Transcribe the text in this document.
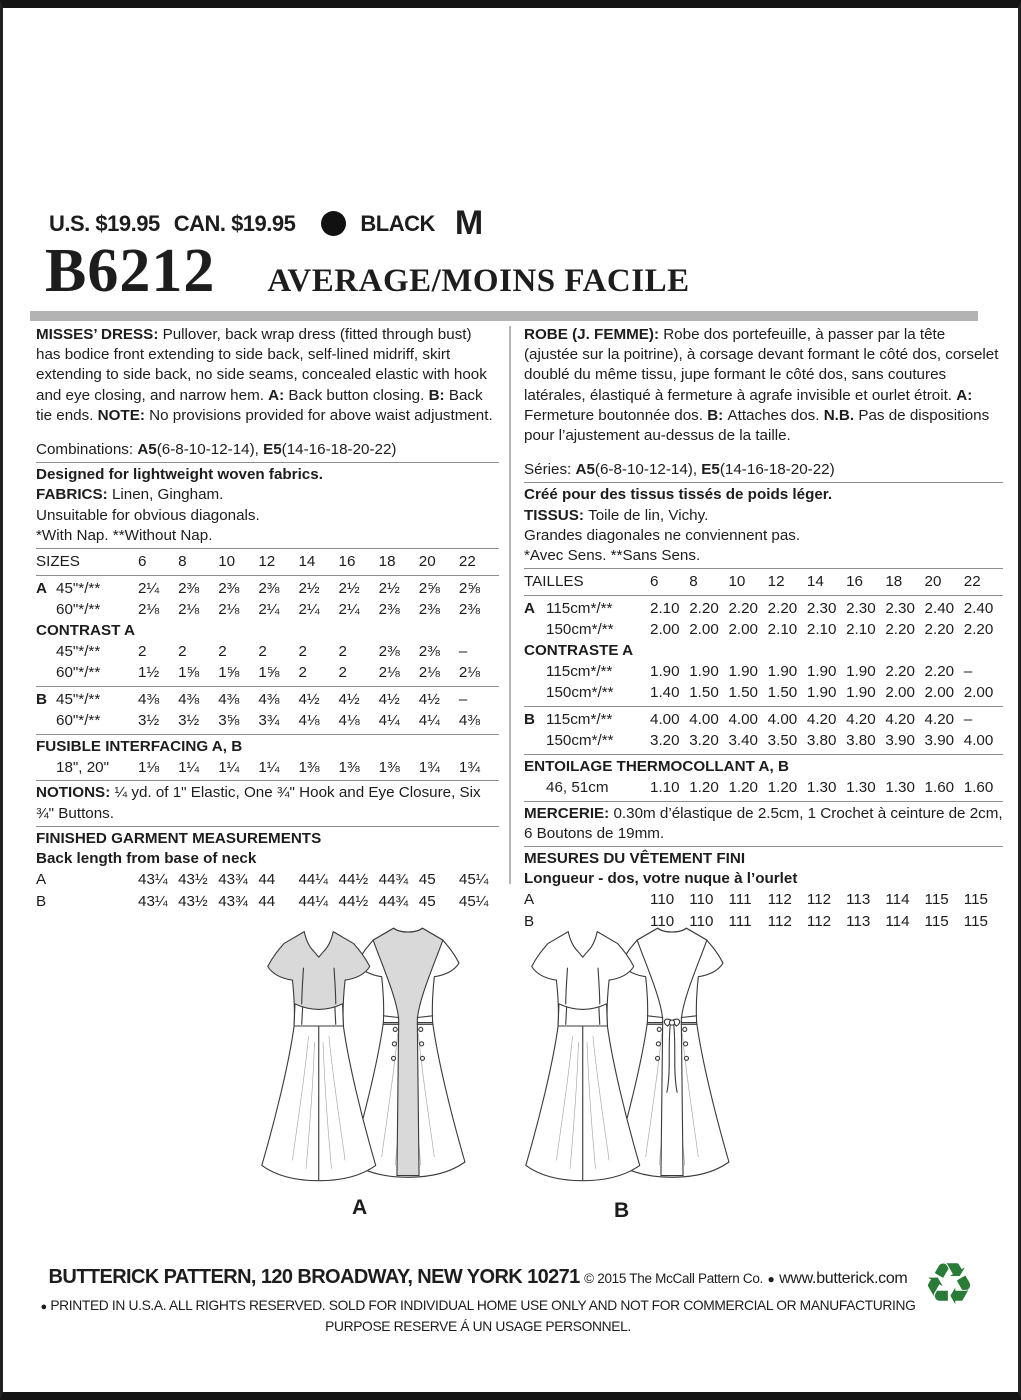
U.S. $19.95 CAN. $19.95	BLACK M
B6212 AVERAGE/MOINS FACILE

MISSES’ DRESS: Pullover, back wrap dress (fitted through bust) has bodice front extending to side back, self-lined midriff, skirt extending to side back, no side seams, concealed elastic with hook and eye closing, and narrow hem. A: Back button closing. B: Back tie ends. NOTE: No provisions provided for above waist adjustment.

Combinations: A5(6-8-10-12-14), E5(14-16-18-20-22)

Designed for lightweight woven fabrics.

FABRICS: Linen, Gingham.

Unsuitable for obvious diagonals.

*With Nap. **Without Nap.

SIZES	6	8	10	12	14	16	18	20	22
A 45"*/**	2¼	2⅜	2⅜	2⅜	2½	2½	2½	2⅝	2⅝
60"*/**	2⅛	2⅛	2⅛	2¼	2¼	2¼	2⅜	2⅜	2⅜
CONTRAST A
45"*/**	2	2	2	2	2	2	2⅜	2⅜	–
60"*/**	1½	1⅝	1⅝	1⅝	2	2	2⅛	2⅛	2⅛
B 45"*/**	4⅜	4⅜	4⅜	4⅜	4½	4½	4½	4½	–
60"*/**	3½	3½	3⅝	3¾	4⅛	4⅛	4¼	4¼	4⅜
FUSIBLE INTERFACING A, B
18", 20"	1⅛	1¼	1¼	1¼	1⅜	1⅜	1⅜	1¾	1¾

NOTIONS: ¼ yd. of 1" Elastic, One ¾" Hook and Eye Closure, Six ¾" Buttons.

FINISHED GARMENT MEASUREMENTS
Back length from base of neck
A	43¼ 43½ 43¾ 44	44¼ 44½ 44¾ 45	45¼
B	43¼ 43½ 43¾ 44	44¼ 44½ 44¾ 45	45¼

ROBE (J. FEMME): Robe dos portefeuille, à passer par la tête (ajustée sur la poitrine), à corsage devant formant le côté dos, corselet doublé du même tissu, jupe formant le côté dos, sans coutures latérales, élastiqué à fermeture à agrafe invisible et ourlet étroit. A: Fermeture boutonnée dos. B: Attaches dos. N.B. Pas de dispositions pour l’ajustement au-dessus de la taille.

Séries: A5(6-8-10-12-14), E5(14-16-18-20-22)

Créé pour des tissus tissés de poids léger.

TISSUS: Toile de lin, Vichy.

Grandes diagonales ne conviennent pas.

*Avec Sens. **Sans Sens.

TAILLES	6	8	10	12	14	16	18	20	22
A 115cm*/**	2.10 2.20 2.20 2.20 2.30 2.30 2.30 2.40 2.40
150cm*/**	2.00 2.00 2.00 2.10 2.10 2.10 2.20 2.20 2.20
CONTRASTE A
115cm*/**	1.90 1.90 1.90 1.90 1.90 1.90 2.20 2.20 –
150cm*/**	1.40 1.50 1.50 1.50 1.90 1.90 2.00 2.00 2.00
B 115cm*/**	4.00 4.00 4.00 4.00 4.20 4.20 4.20 4.20 –
150cm*/**	3.20 3.20 3.40 3.50 3.80 3.80 3.90 3.90 4.00
ENTOILAGE THERMOCOLLANT A, B
46, 51cm	1.10 1.20 1.20 1.20 1.30 1.30 1.30 1.60 1.60

MERCERIE: 0.30m d’élastique de 2.5cm, 1 Crochet à ceinture de 2cm, 6 Boutons de 19mm.

MESURES DU VÊTEMENT FINI
Longueur - dos, votre nuque à l’ourlet
A	110 110 111	112 112 113 114 115 115
B	110 110 111	112 112 113 114 115 115
A	B
BUTTERICK PATTERN, 120 BROADWAY, NEW YORK 10271 © 2015 The McCall Pattern Co. ● www.butterick.com
● PRINTED IN U.S.A. ALL RIGHTS RESERVED. SOLD FOR INDIVIDUAL HOME USE ONLY AND NOT FOR COMMERCIAL OR MANUFACTURING
PURPOSE RESERVE Á UN USAGE PERSONNEL.
♻
